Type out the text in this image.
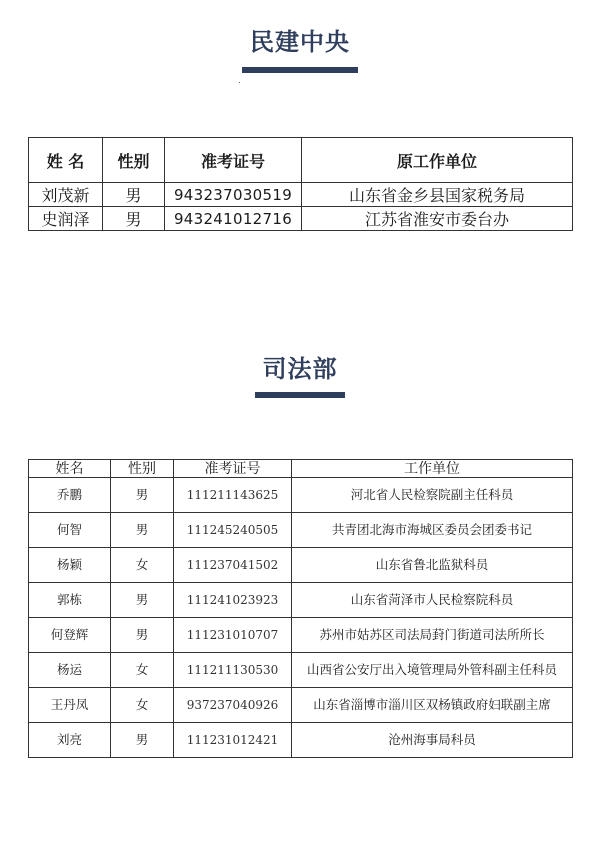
民建中央
姓 名	性别	准考证号	原工作单位
刘茂新	男	943237030519	山东省金乡县国家税务局
史润泽	男	943241012716	江苏省淮安市委台办
司法部
姓名	性别	准考证号	工作单位
乔鹏	男	111211143625	河北省人民检察院副主任科员
何智	男	111245240505	共青团北海市海城区委员会团委书记
杨颖	女	111237041502	山东省鲁北监狱科员
郭栋	男	111241023923	山东省菏泽市人民检察院科员
何登辉	男	111231010707	苏州市姑苏区司法局葑门街道司法所所长
杨运	女	111211130530	山西省公安厅出入境管理局外管科副主任科员
王丹凤	女	937237040926	山东省淄博市淄川区双杨镇政府妇联副主席
刘亮	男	111231012421	沧州海事局科员
